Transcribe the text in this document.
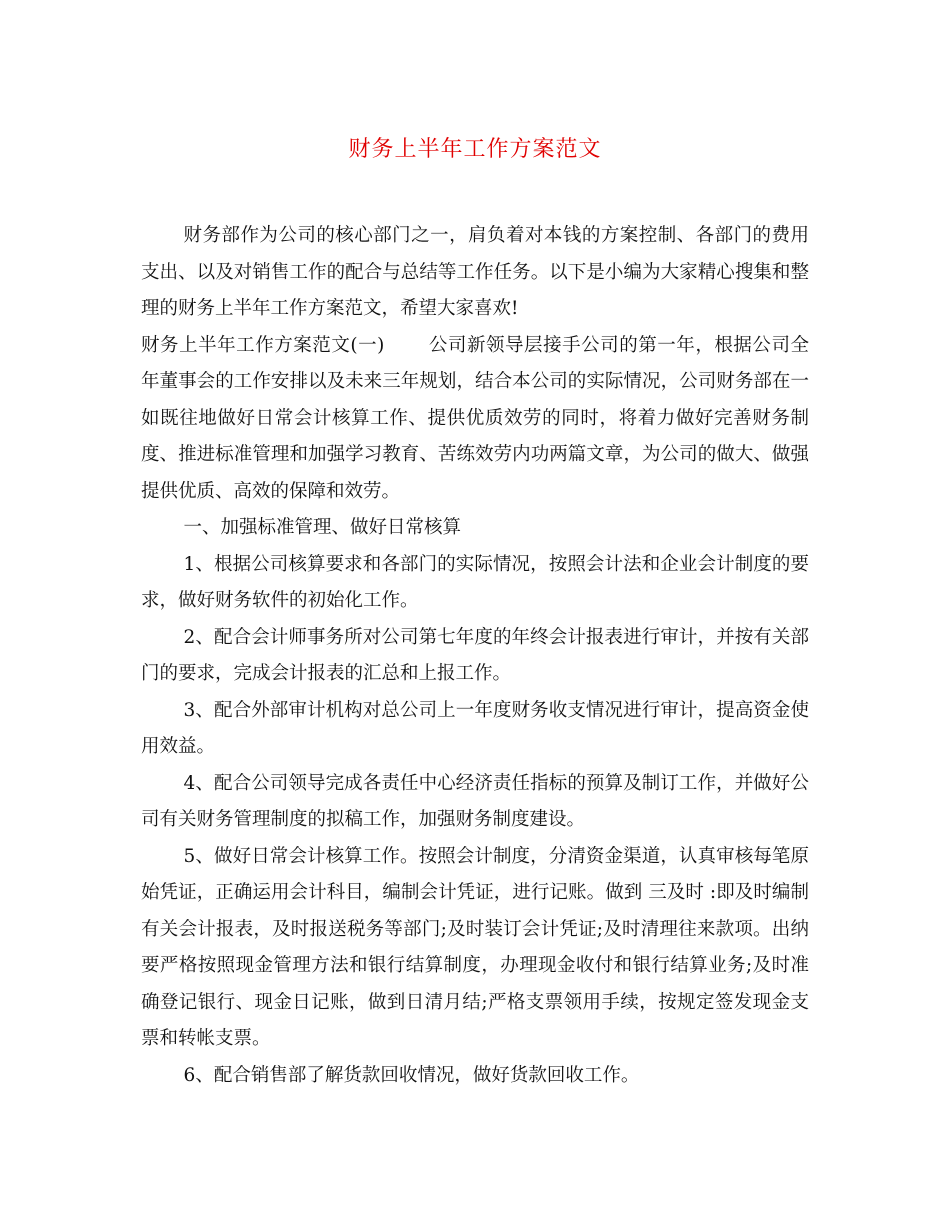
财务上半年工作方案范文

财务部作为公司的核心部门之一，肩负着对本钱的方案控制、各部门的费用支出、以及对销售工作的配合与总结等工作任务。以下是小编为大家精心搜集和整理的财务上半年工作方案范文，希望大家喜欢!

财务上半年工作方案范文(一) 公司新领导层接手公司的第一年，根据公司全年董事会的工作安排以及未来三年规划，结合本公司的实际情况，公司财务部在一如既往地做好日常会计核算工作、提供优质效劳的同时，将着力做好完善财务制度、推进标准管理和加强学习教育、苦练效劳内功两篇文章，为公司的做大、做强提供优质、高效的保障和效劳。

一、加强标准管理、做好日常核算

1、根据公司核算要求和各部门的实际情况，按照会计法和企业会计制度的要求，做好财务软件的初始化工作。

2、配合会计师事务所对公司第七年度的年终会计报表进行审计，并按有关部门的要求，完成会计报表的汇总和上报工作。

3、配合外部审计机构对总公司上一年度财务收支情况进行审计，提高资金使用效益。

4、配合公司领导完成各责任中心经济责任指标的预算及制订工作，并做好公司有关财务管理制度的拟稿工作，加强财务制度建设。

5、做好日常会计核算工作。按照会计制度，分清资金渠道，认真审核每笔原始凭证，正确运用会计科目，编制会计凭证，进行记账。做到 三及时 :即及时编制有关会计报表，及时报送税务等部门;及时装订会计凭证;及时清理往来款项。出纳要严格按照现金管理方法和银行结算制度，办理现金收付和银行结算业务;及时准确登记银行、现金日记账，做到日清月结;严格支票领用手续，按规定签发现金支票和转帐支票。

6、配合销售部了解货款回收情况，做好货款回收工作。
